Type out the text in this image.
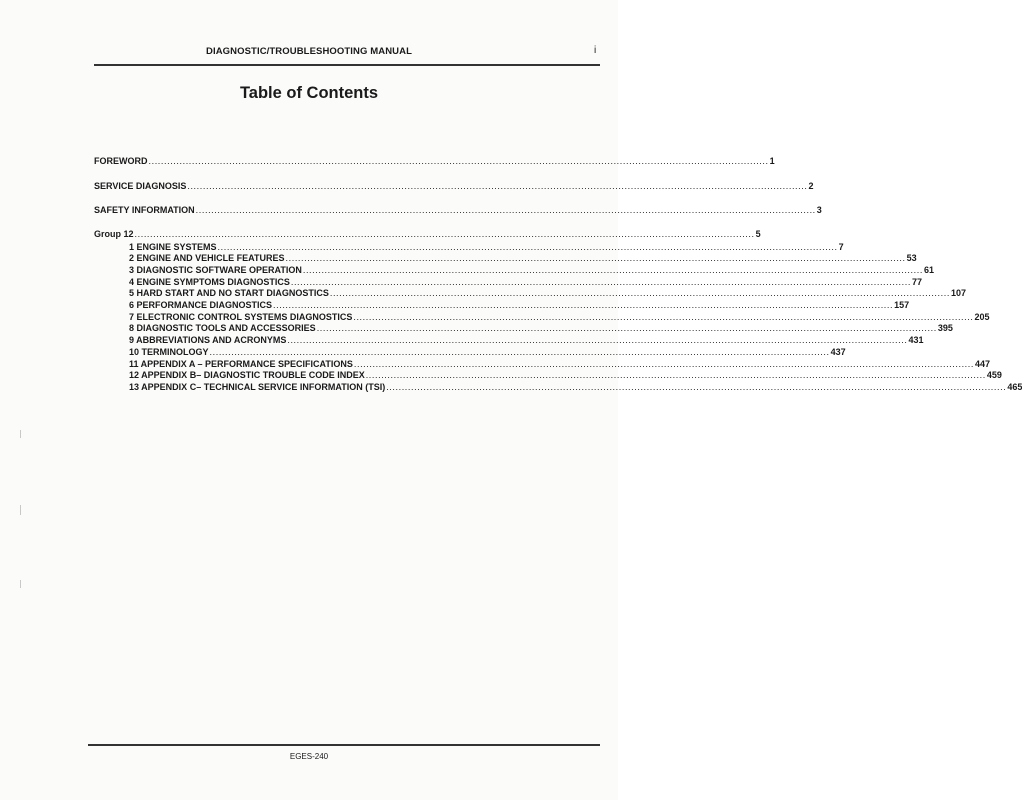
DIAGNOSTIC/TROUBLESHOOTING MANUAL	i
Table of Contents
FOREWORD ........................................................................................................................................................................................................ 1
SERVICE DIAGNOSIS ........................................................................................................................................................................................................ 2
SAFETY INFORMATION ........................................................................................................................................................................................................ 3
Group 12 ........................................................................................................................................................................................................ 5
1 ENGINE SYSTEMS ........................................................................................................................................................................................................ 7
2 ENGINE AND VEHICLE FEATURES ........................................................................................................................................................................................................ 53
3 DIAGNOSTIC SOFTWARE OPERATION ........................................................................................................................................................................................................ 61
4 ENGINE SYMPTOMS DIAGNOSTICS ........................................................................................................................................................................................................ 77
5 HARD START AND NO START DIAGNOSTICS ........................................................................................................................................................................................................ 107
6 PERFORMANCE DIAGNOSTICS ........................................................................................................................................................................................................ 157
7 ELECTRONIC CONTROL SYSTEMS DIAGNOSTICS ........................................................................................................................................................................................................ 205
8 DIAGNOSTIC TOOLS AND ACCESSORIES ........................................................................................................................................................................................................ 395
9 ABBREVIATIONS AND ACRONYMS ........................................................................................................................................................................................................ 431
10 TERMINOLOGY ........................................................................................................................................................................................................ 437
11 APPENDIX A – PERFORMANCE SPECIFICATIONS ........................................................................................................................................................................................................ 447
12 APPENDIX B– DIAGNOSTIC TROUBLE CODE INDEX ........................................................................................................................................................................................................ 459
13 APPENDIX C– TECHNICAL SERVICE INFORMATION (TSI) ........................................................................................................................................................................................................ 465
EGES-240
